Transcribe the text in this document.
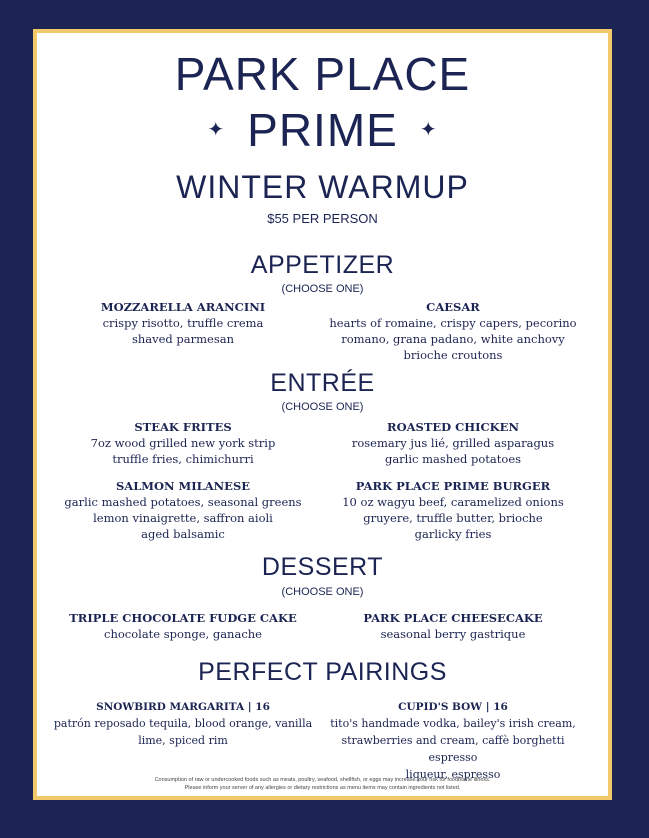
PARK PLACE
✦ PRIME ✦
WINTER WARMUP
$55 PER PERSON
APPETIZER
(CHOOSE ONE)
MOZZARELLA ARANCINI
crispy risotto, truffle crema
shaved parmesan
CAESAR
hearts of romaine, crispy capers, pecorino
romano, grana padano, white anchovy
brioche croutons
ENTRÉE
(CHOOSE ONE)
STEAK FRITES
7oz wood grilled new york strip
truffle fries, chimichurri
ROASTED CHICKEN
rosemary jus lié, grilled asparagus
garlic mashed potatoes
SALMON MILANESE
garlic mashed potatoes, seasonal greens
lemon vinaigrette, saffron aioli
aged balsamic
PARK PLACE PRIME BURGER
10 oz wagyu beef, caramelized onions
gruyere, truffle butter, brioche
garlicky fries
DESSERT
(CHOOSE ONE)
TRIPLE CHOCOLATE FUDGE CAKE
chocolate sponge, ganache
PARK PLACE CHEESECAKE
seasonal berry gastrique
PERFECT PAIRINGS
SNOWBIRD MARGARITA | 16
patrón reposado tequila, blood orange, vanilla
lime, spiced rim
CUPID'S BOW | 16
tito's handmade vodka, bailey's irish cream,
strawberries and cream, caffè borghetti espresso
liqueur, espresso
Consumption of raw or undercooked foods such as meats, poultry, seafood, shellfish, or eggs may increase your risk for foodborne illness.
Please inform your server of any allergies or dietary restrictions as menu items may contain ingredients not listed.
